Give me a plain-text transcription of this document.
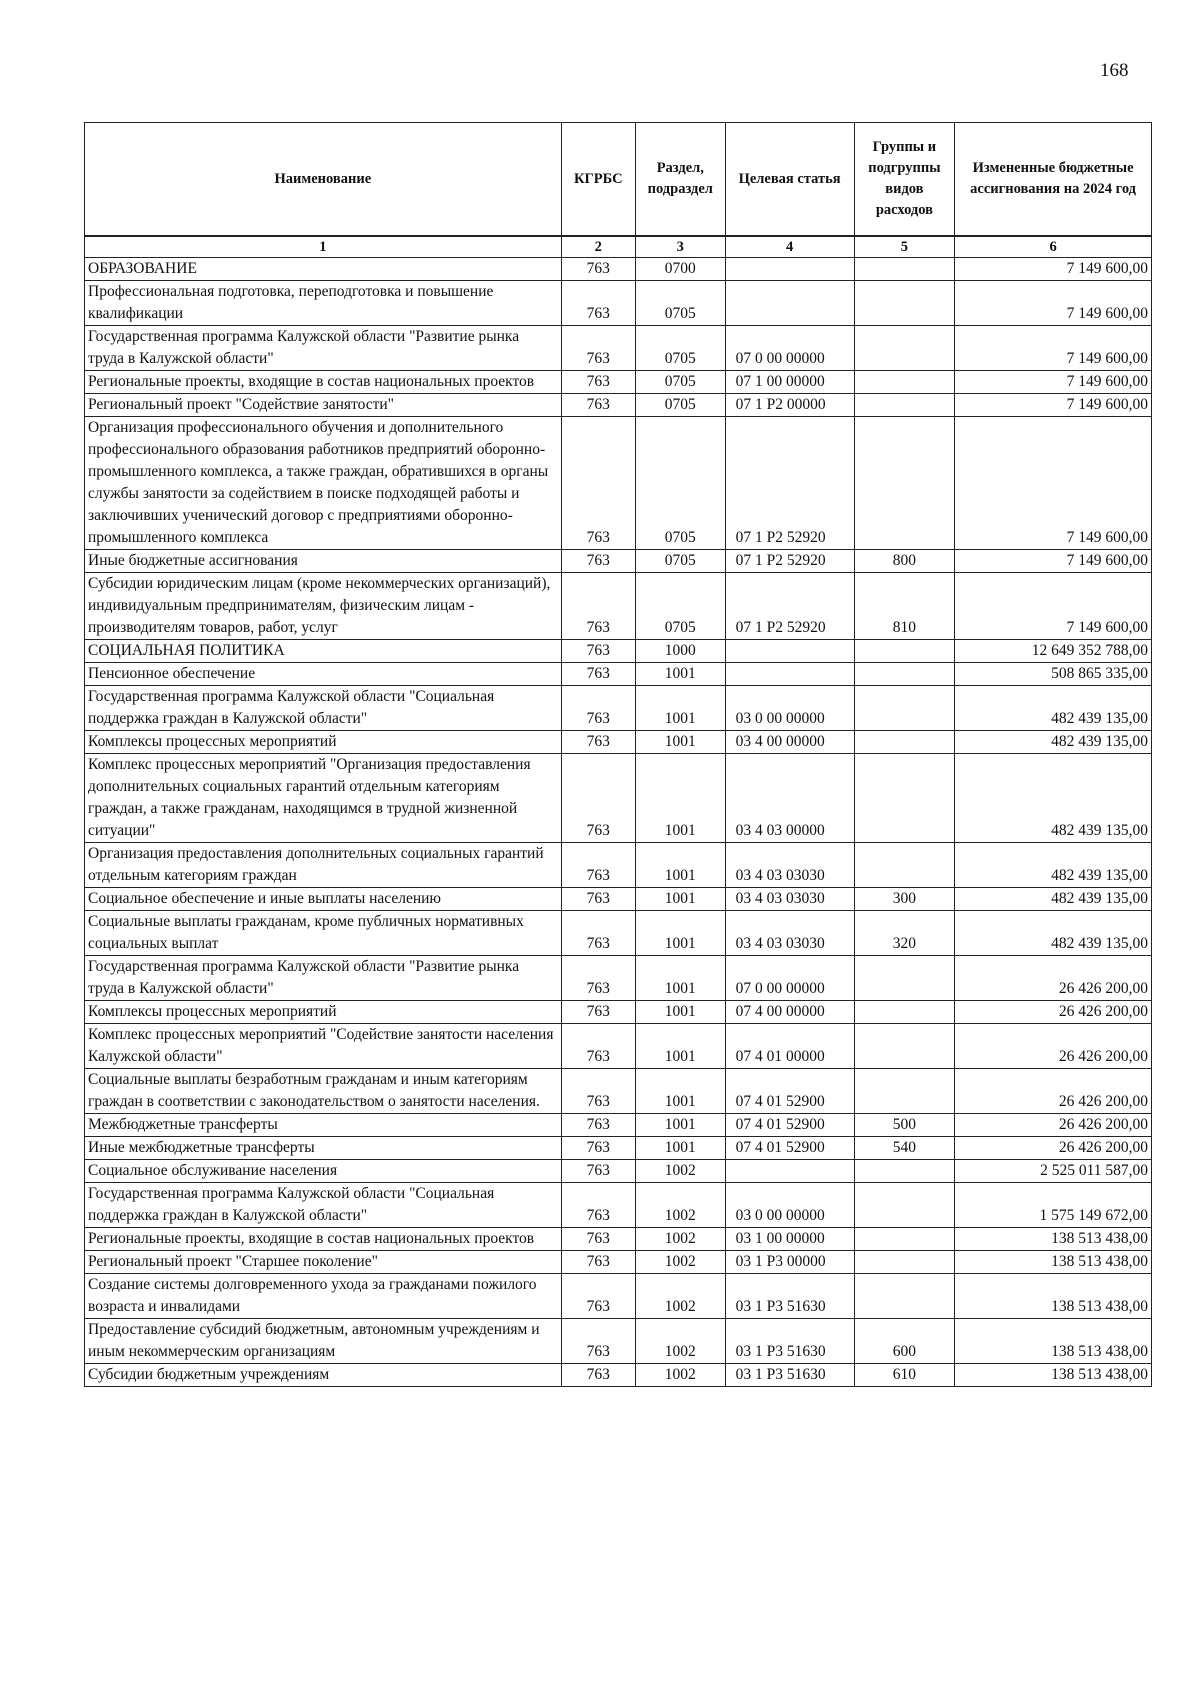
168
Наименование	КГРБС	Раздел, подраздел	Целевая статья	Группы и подгруппы видов расходов	Измененные бюджетные ассигнования на 2024 год
1	2	3	4	5	6
ОБРАЗОВАНИЕ	763	0700			7 149 600,00
Профессиональная подготовка, переподготовка и повышение квалификации	763	0705			7 149 600,00
Государственная программа Калужской области "Развитие рынка труда в Калужской области"	763	0705	07 0 00 00000		7 149 600,00
Региональные проекты, входящие в состав национальных проектов	763	0705	07 1 00 00000		7 149 600,00
Региональный проект "Содействие занятости"	763	0705	07 1 P2 00000		7 149 600,00
Организация профессионального обучения и дополнительного профессионального образования работников предприятий оборонно-промышленного комплекса, а также граждан, обратившихся в органы службы занятости за содействием в поиске подходящей работы и заключивших ученический договор с предприятиями оборонно-промышленного комплекса	763	0705	07 1 P2 52920		7 149 600,00
Иные бюджетные ассигнования	763	0705	07 1 P2 52920	800	7 149 600,00
Субсидии юридическим лицам (кроме некоммерческих организаций), индивидуальным предпринимателям, физическим лицам - производителям товаров, работ, услуг	763	0705	07 1 P2 52920	810	7 149 600,00
СОЦИАЛЬНАЯ ПОЛИТИКА	763	1000			12 649 352 788,00
Пенсионное обеспечение	763	1001			508 865 335,00
Государственная программа Калужской области "Социальная поддержка граждан в Калужской области"	763	1001	03 0 00 00000		482 439 135,00
Комплексы процессных мероприятий	763	1001	03 4 00 00000		482 439 135,00
Комплекс процессных мероприятий "Организация предоставления дополнительных социальных гарантий отдельным категориям граждан, а также гражданам, находящимся в трудной жизненной ситуации"	763	1001	03 4 03 00000		482 439 135,00
Организация предоставления дополнительных социальных гарантий отдельным категориям граждан	763	1001	03 4 03 03030		482 439 135,00
Социальное обеспечение и иные выплаты населению	763	1001	03 4 03 03030	300	482 439 135,00
Социальные выплаты гражданам, кроме публичных нормативных социальных выплат	763	1001	03 4 03 03030	320	482 439 135,00
Государственная программа Калужской области "Развитие рынка труда в Калужской области"	763	1001	07 0 00 00000		26 426 200,00
Комплексы процессных мероприятий	763	1001	07 4 00 00000		26 426 200,00
Комплекс процессных мероприятий "Содействие занятости населения Калужской области"	763	1001	07 4 01 00000		26 426 200,00
Социальные выплаты безработным гражданам и иным категориям граждан в соответствии с законодательством о занятости населения.	763	1001	07 4 01 52900		26 426 200,00
Межбюджетные трансферты	763	1001	07 4 01 52900	500	26 426 200,00
Иные межбюджетные трансферты	763	1001	07 4 01 52900	540	26 426 200,00
Социальное обслуживание населения	763	1002			2 525 011 587,00
Государственная программа Калужской области "Социальная поддержка граждан в Калужской области"	763	1002	03 0 00 00000		1 575 149 672,00
Региональные проекты, входящие в состав национальных проектов	763	1002	03 1 00 00000		138 513 438,00
Региональный проект "Старшее поколение"	763	1002	03 1 P3 00000		138 513 438,00
Создание системы долговременного ухода за гражданами пожилого возраста и инвалидами	763	1002	03 1 P3 51630		138 513 438,00
Предоставление субсидий бюджетным, автономным учреждениям и иным некоммерческим организациям	763	1002	03 1 P3 51630	600	138 513 438,00
Субсидии бюджетным учреждениям	763	1002	03 1 P3 51630	610	138 513 438,00
